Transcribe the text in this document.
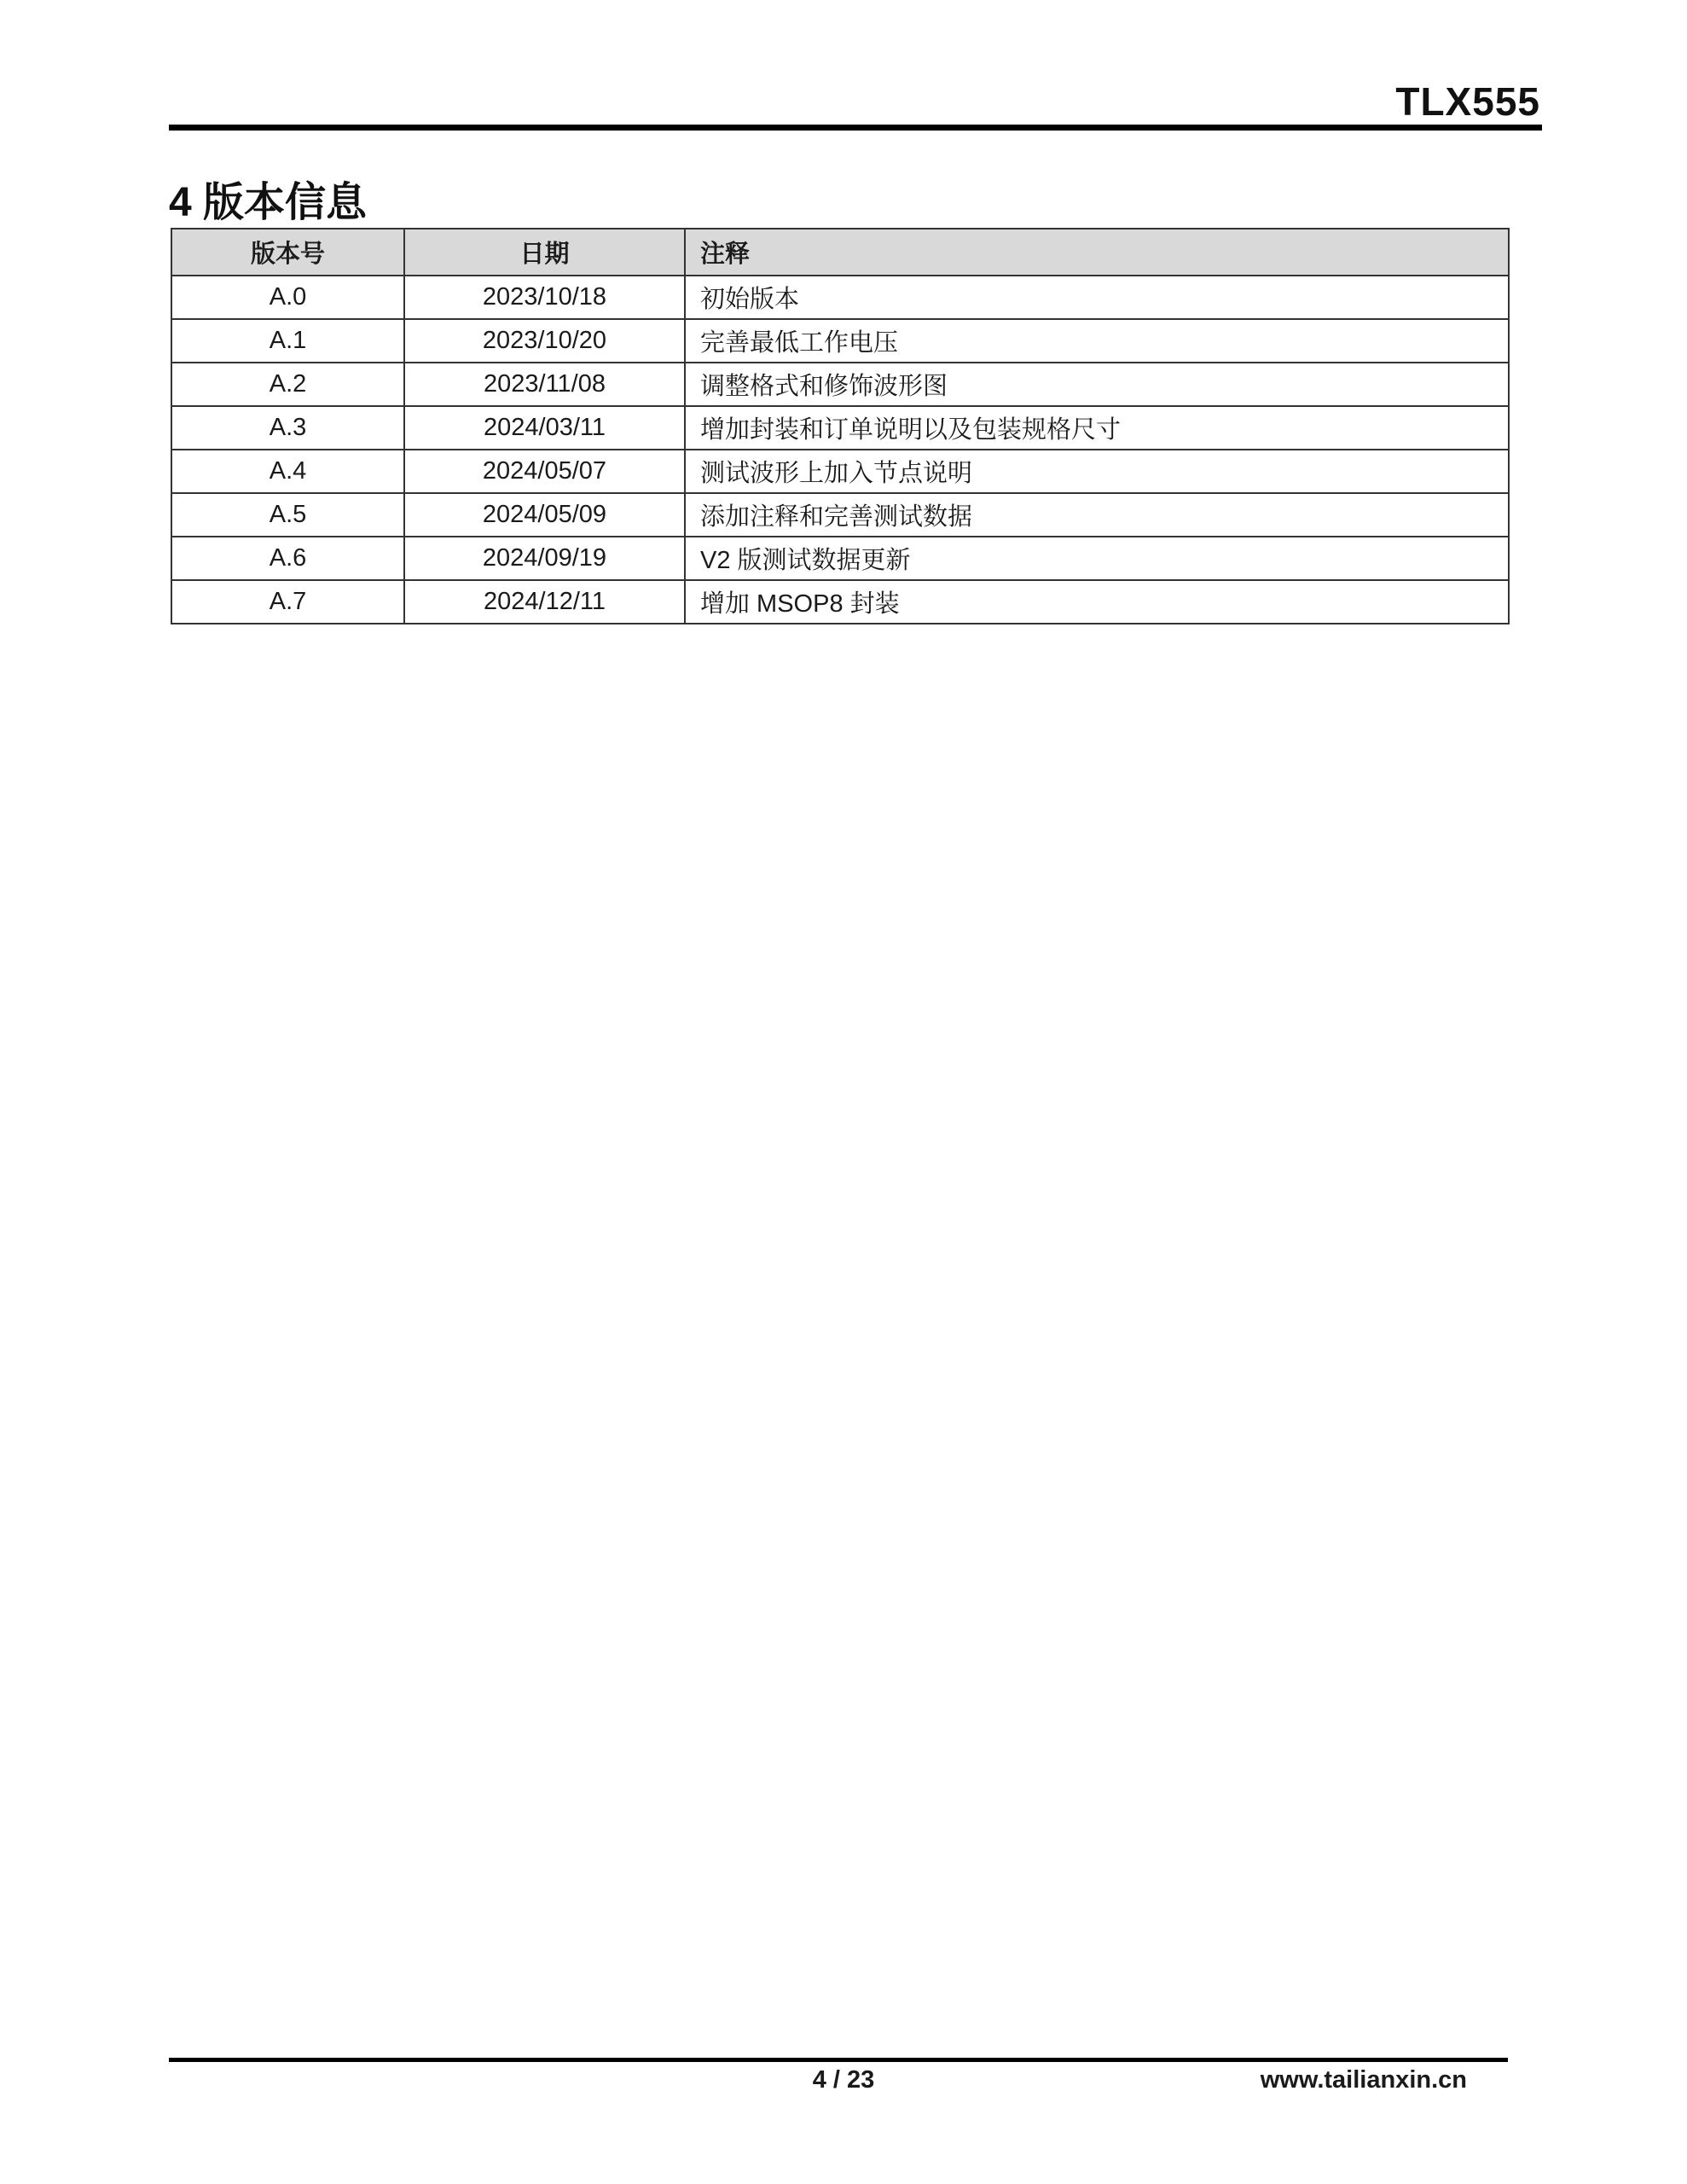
TLX555
4 版本信息
版本号	日期	注释
A.0	2023/10/18	初始版本
A.1	2023/10/20	完善最低工作电压
A.2	2023/11/08	调整格式和修饰波形图
A.3	2024/03/11	增加封装和订单说明以及包装规格尺寸
A.4	2024/05/07	测试波形上加入节点说明
A.5	2024/05/09	添加注释和完善测试数据
A.6	2024/09/19	V2 版测试数据更新
A.7	2024/12/11	增加 MSOP8 封装
4 / 23	www.tailianxin.cn
